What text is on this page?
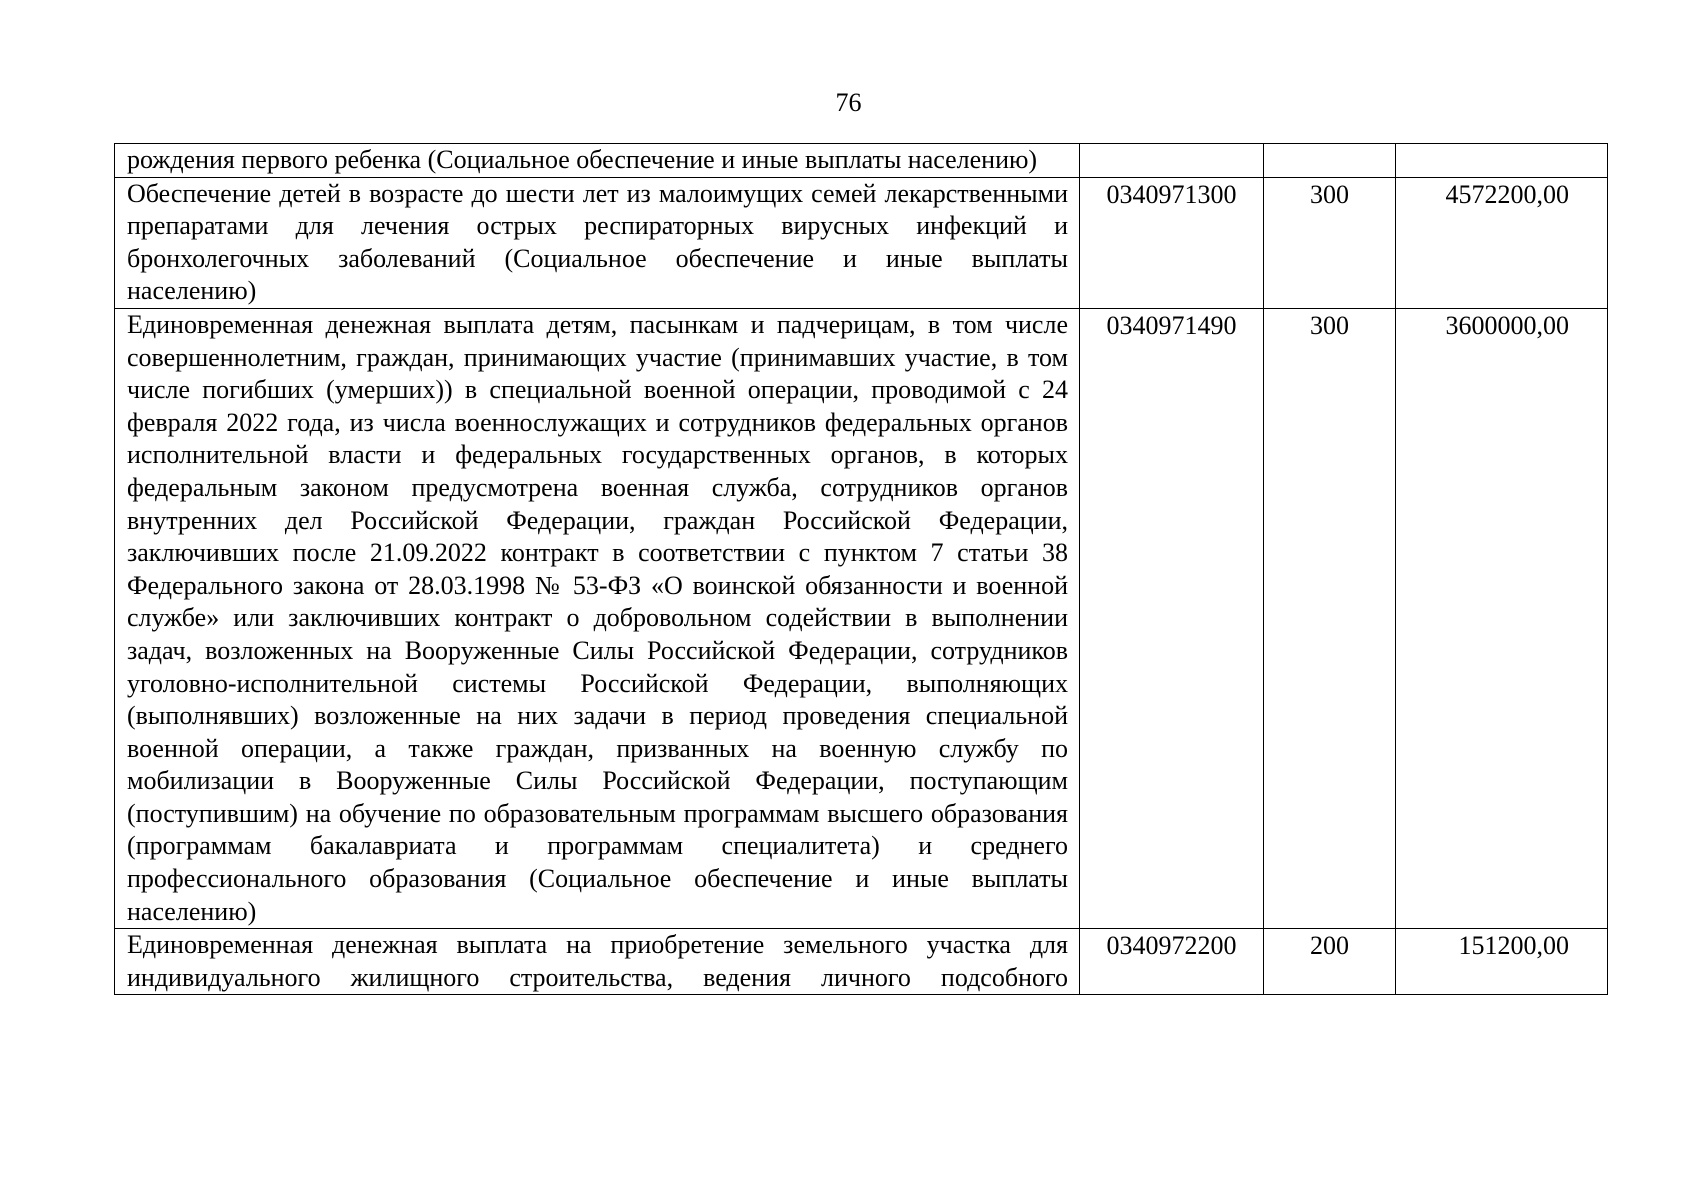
76
рождения первого ребенка (Социальное обеспечение и иные выплаты населению)			
Обеспечение детей в возрасте до шести лет из малоимущих семей лекарственными препаратами для лечения острых респираторных вирусных инфекций и бронхолегочных заболеваний (Социальное обеспечение и иные выплаты населению)	0340971300	300	4572200,00
Единовременная денежная выплата детям, пасынкам и падчерицам, в том числе совершеннолетним, граждан, принимающих участие (принимавших участие, в том числе погибших (умерших)) в специальной военной операции, проводимой с 24 февраля 2022 года, из числа военнослужащих и сотрудников федеральных органов исполнительной власти и федеральных государственных органов, в которых федеральным законом предусмотрена военная служба, сотрудников органов внутренних дел Российской Федерации, граждан Российской Федерации, заключивших после 21.09.2022 контракт в соответствии с пунктом 7 статьи 38 Федерального закона от 28.03.1998 № 53-ФЗ «О воинской обязанности и военной службе» или заключивших контракт о добровольном содействии в выполнении задач, возложенных на Вооруженные Силы Российской Федерации, сотрудников уголовно-исполнительной системы Российской Федерации, выполняющих (выполнявших) возложенные на них задачи в период проведения специальной военной операции, а также граждан, призванных на военную службу по мобилизации в Вооруженные Силы Российской Федерации, поступающим (поступившим) на обучение по образовательным программам высшего образования (программам бакалавриата и программам специалитета) и среднего профессионального образования (Социальное обеспечение и иные выплаты населению)	0340971490	300	3600000,00

Единовременная денежная выплата на приобретение земельного участка для индивидуального жилищного строительства, ведения личного подсобного	0340972200	200	151200,00
